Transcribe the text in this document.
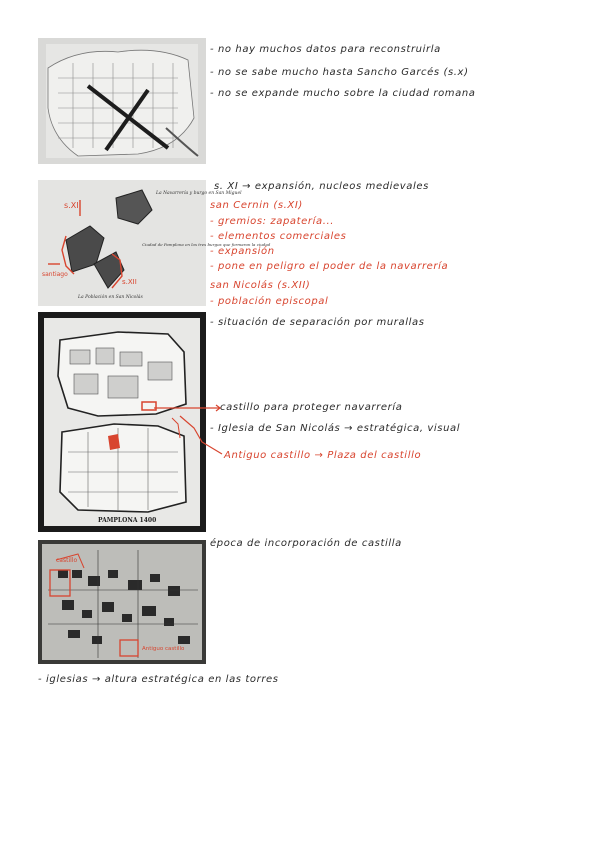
- no hay muchos datos para reconstruirla
- no se sabe mucho hasta Sancho Garcés (s.x)
- no se expande mucho sobre la ciudad romana
s.XI
s.XII
santiago
La Navarrería y burgo en San Miguel
La Población en San Nicolás
Ciudad de Pamplona en los tres burgos que formaron la ciudad
s. XI → expansión, nucleos medievales
san Cernin (s.XI)
- gremios: zapatería...
- elementos comerciales
- expansión
- pone en peligro el poder de la navarrería
san Nicolás (s.XII)
- población episcopal
PAMPLONA 1400
- situación de separación por murallas
castillo para proteger navarrería
- Iglesia de San Nicolás → estratégica, visual
Antiguo castillo → Plaza del castillo
castillo
Antiguo castillo
época de incorporación de castilla
- iglesias → altura estratégica en las torres
